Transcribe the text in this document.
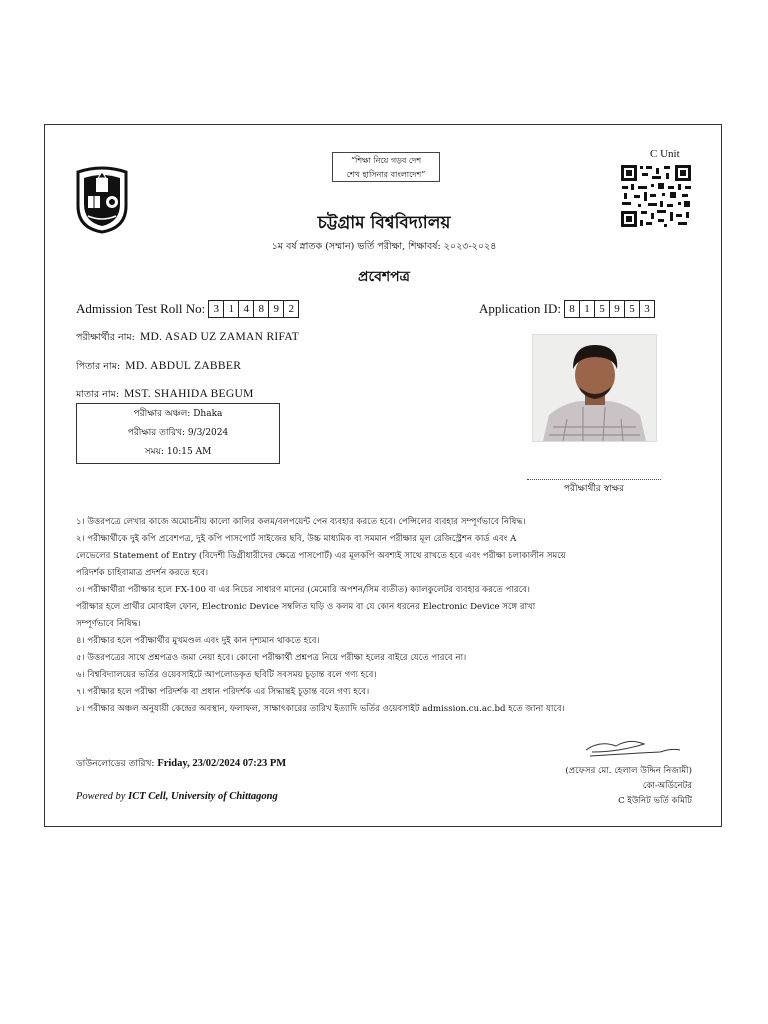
“শিক্ষা নিয়ে গড়ব দেশ
শেখ হাসিনার বাংলাদেশ”
C Unit
চট্টগ্রাম বিশ্ববিদ্যালয়
১ম বর্ষ স্নাতক (সম্মান) ভর্তি পরীক্ষা, শিক্ষাবর্ষ: ২০২৩-২০২৪
প্রবেশপত্র
Admission Test Roll No: 3 1 4 8 9 2	Application ID: 8 1 5 9 5 3
পরীক্ষার্থীর নাম: MD. ASAD UZ ZAMAN RIFAT
পিতার নাম: MD. ABDUL ZABBER
মাতার নাম: MST. SHAHIDA BEGUM
পরীক্ষার অঞ্চল: Dhaka
পরীক্ষার তারিখ: 9/3/2024
সময়: 10:15 AM
পরীক্ষার্থীর স্বাক্ষর
১। উত্তরপত্রে লেখার কাজে অমোচনীয় কালো কালির কলম/বলপয়েন্ট পেন ব্যবহার করতে হবে। পেন্সিলের ব্যবহার সম্পূর্ণভাবে নিষিদ্ধ।
২। পরীক্ষার্থীকে দুই কপি প্রবেশপত্র, দুই কপি পাসপোর্ট সাইজের ছবি, উচ্চ মাধ্যমিক বা সমমান পরীক্ষার মূল রেজিস্ট্রেশন কার্ড এবং A
লেভেলের Statement of Entry (বিদেশী ডিগ্রীধারীদের ক্ষেত্রে পাসপোর্ট) এর মূলকপি অবশ্যই সাথে রাখতে হবে এবং পরীক্ষা চলাকালীন সময়ে
পরিদর্শক চাহিবামাত্র প্রদর্শন করতে হবে।
৩। পরীক্ষার্থীরা পরীক্ষার হলে FX-100 বা এর নিচের সাধারণ মানের (মেমোরি অপশন/সিম ব্যতীত) ক্যালকুলেটর ব্যবহার করতে পারবে।
পরীক্ষার হলে প্রার্থীর মোবাইল ফোন, Electronic Device সম্বলিত ঘড়ি ও কলম বা যে কোন ধরনের Electronic Device সঙ্গে রাখা
সম্পূর্ণভাবে নিষিদ্ধ।
৪। পরীক্ষার হলে পরীক্ষার্থীর মুখমণ্ডল এবং দুই কান দৃশ্যমান থাকতে হবে।
৫। উত্তরপত্রের সাথে প্রশ্নপত্রও জমা নেয়া হবে। কোনো পরীক্ষার্থী প্রশ্নপত্র নিয়ে পরীক্ষা হলের বাইরে যেতে পারবে না।
৬। বিশ্ববিদ্যালয়ের ভর্তির ওয়েবসাইটে আপলোডকৃত ছবিটি সবসময় চূড়ান্ত বলে গণ্য হবে।
৭। পরীক্ষার হলে পরীক্ষা পরিদর্শক বা প্রধান পরিদর্শক এর সিদ্ধান্তই চূড়ান্ত বলে গণ্য হবে।
৮। পরীক্ষার অঞ্চল অনুযায়ী কেন্দ্রের অবস্থান, ফলাফল, সাক্ষাৎকারের তারিখ ইত্যাদি ভর্তির ওয়েবসাইট admission.cu.ac.bd হতে জানা যাবে।
ডাউনলোডের তারিখ: Friday, 23/02/2024 07:23 PM
Powered by ICT Cell, University of Chittagong
(প্রফেসর মো. হেলাল উদ্দিন নিজামী)
কো-অর্ডিনেটর
C ইউনিট ভর্তি কমিটি
